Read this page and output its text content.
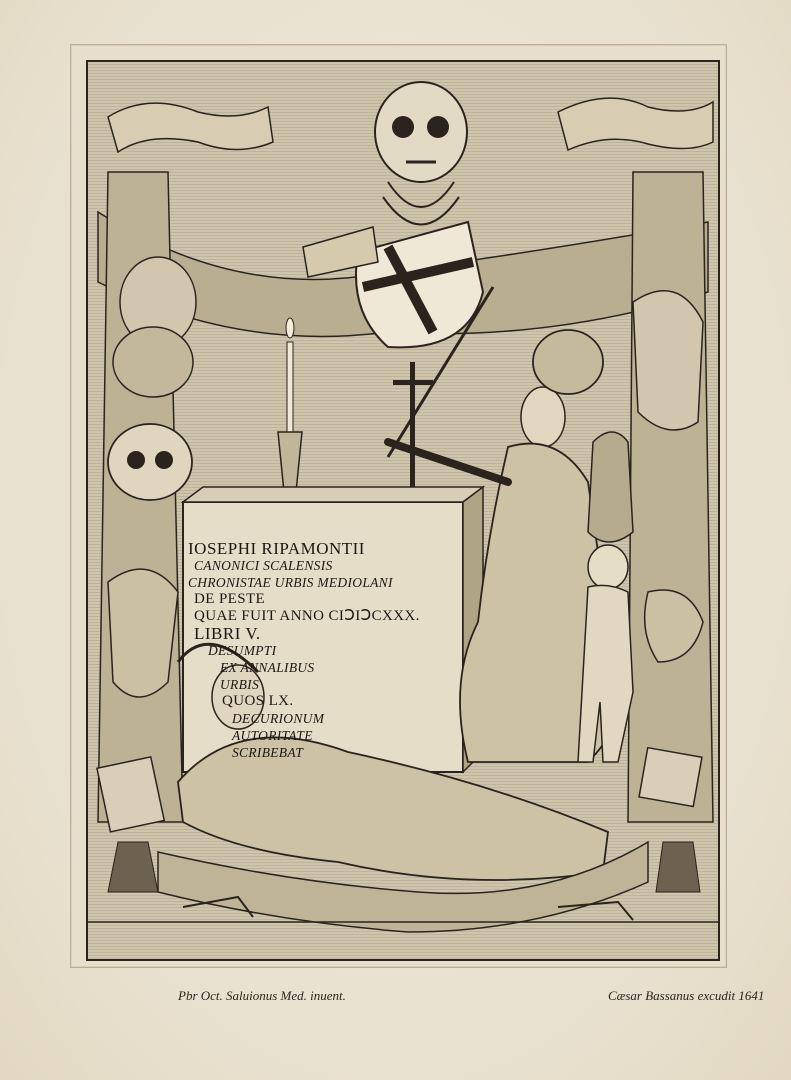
IOSEPHI RIPAMONTII
CANONICI SCALENSIS
CHRONISTAE URBIS MEDIOLANI
DE PESTE
QUAE FUIT ANNO CIↃIↃCXXX.
LIBRI V.
DESUMPTI
EX ANNALIBUS
URBIS
QUOS LX.
DECURIONUM
AUTORITATE
SCRIBEBAT
Pbr Oct. Saluionus Med. inuent.	Cæsar Bassanus excudit 1641
